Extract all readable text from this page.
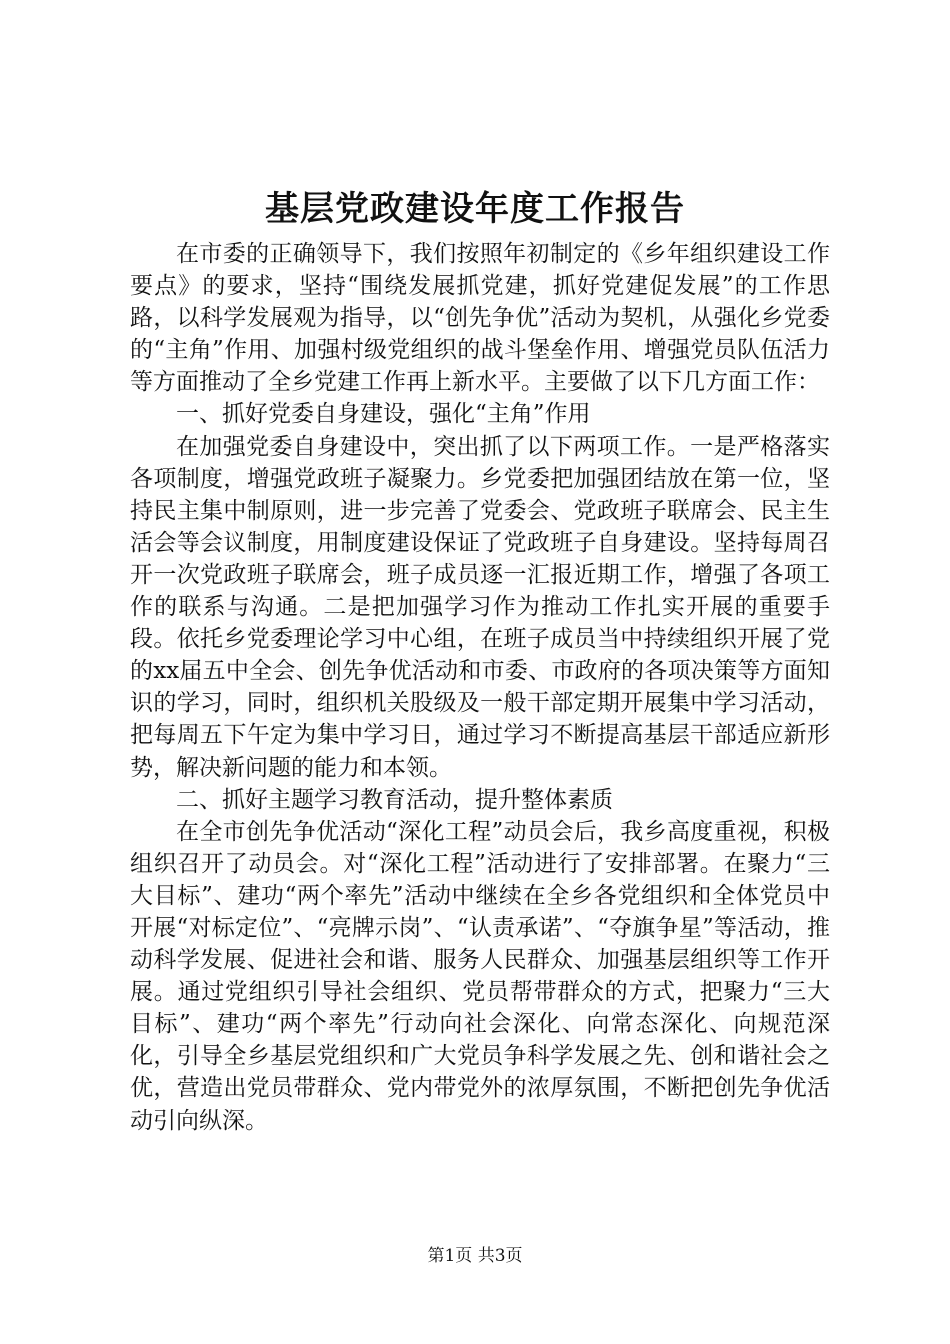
基层党政建设年度工作报告

在市委的正确领导下，我们按照年初制定的《乡年组织建设工作要点》的要求，坚持“围绕发展抓党建，抓好党建促发展”的工作思路，以科学发展观为指导，以“创先争优”活动为契机，从强化乡党委的“主角”作用、加强村级党组织的战斗堡垒作用、增强党员队伍活力等方面推动了全乡党建工作再上新水平。主要做了以下几方面工作：

一、抓好党委自身建设，强化“主角”作用

在加强党委自身建设中，突出抓了以下两项工作。一是严格落实各项制度，增强党政班子凝聚力。乡党委把加强团结放在第一位，坚持民主集中制原则，进一步完善了党委会、党政班子联席会、民主生活会等会议制度，用制度建设保证了党政班子自身建设。坚持每周召开一次党政班子联席会，班子成员逐一汇报近期工作，增强了各项工作的联系与沟通。二是把加强学习作为推动工作扎实开展的重要手段。依托乡党委理论学习中心组，在班子成员当中持续组织开展了党的xx届五中全会、创先争优活动和市委、市政府的各项决策等方面知识的学习，同时，组织机关股级及一般干部定期开展集中学习活动，把每周五下午定为集中学习日，通过学习不断提高基层干部适应新形势，解决新问题的能力和本领。

二、抓好主题学习教育活动，提升整体素质

在全市创先争优活动“深化工程”动员会后，我乡高度重视，积极组织召开了动员会。对“深化工程”活动进行了安排部署。在聚力“三大目标”、建功“两个率先”活动中继续在全乡各党组织和全体党员中开展“对标定位”、“亮牌示岗”、“认责承诺”、“夺旗争星”等活动，推动科学发展、促进社会和谐、服务人民群众、加强基层组织等工作开展。通过党组织引导社会组织、党员帮带群众的方式，把聚力“三大目标”、建功“两个率先”行动向社会深化、向常态深化、向规范深化，引导全乡基层党组织和广大党员争科学发展之先、创和谐社会之优，营造出党员带群众、党内带党外的浓厚氛围，不断把创先争优活动引向纵深。

第1页 共3页
